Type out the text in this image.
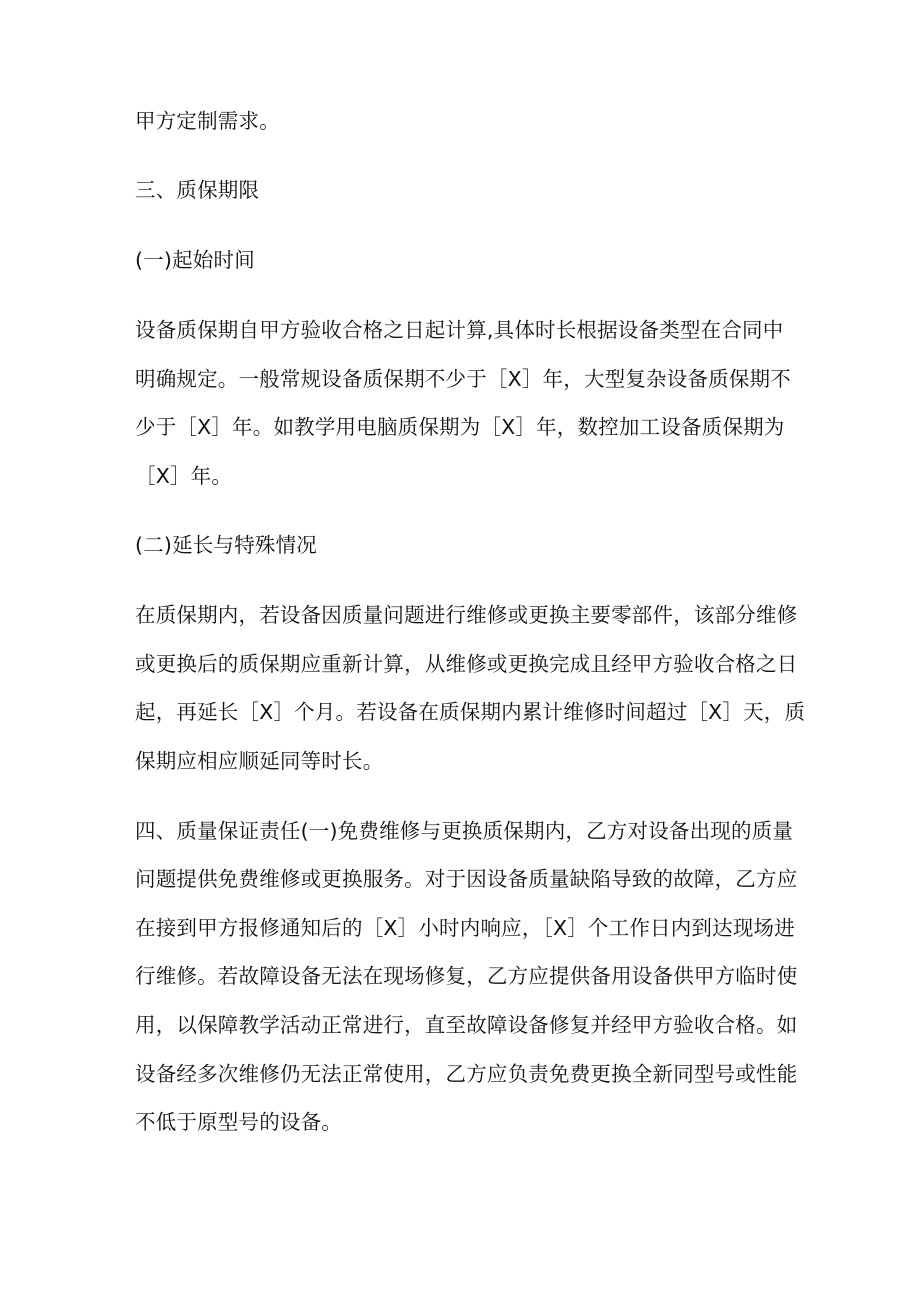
甲方定制需求。
三、质保期限
(一)起始时间
设备质保期自甲方验收合格之日起计算,具体时长根据设备类型在合同中
明确规定。一般常规设备质保期不少于［X］年，大型复杂设备质保期不
少于［X］年。如教学用电脑质保期为［X］年，数控加工设备质保期为
［X］年。
(二)延长与特殊情况
在质保期内，若设备因质量问题进行维修或更换主要零部件，该部分维修
或更换后的质保期应重新计算，从维修或更换完成且经甲方验收合格之日
起，再延长［X］个月。若设备在质保期内累计维修时间超过［X］天，质
保期应相应顺延同等时长。
四、质量保证责任(一)免费维修与更换质保期内，乙方对设备出现的质量
问题提供免费维修或更换服务。对于因设备质量缺陷导致的故障，乙方应
在接到甲方报修通知后的［X］小时内响应，［X］个工作日内到达现场进
行维修。若故障设备无法在现场修复，乙方应提供备用设备供甲方临时使
用，以保障教学活动正常进行，直至故障设备修复并经甲方验收合格。如
设备经多次维修仍无法正常使用，乙方应负责免费更换全新同型号或性能
不低于原型号的设备。
